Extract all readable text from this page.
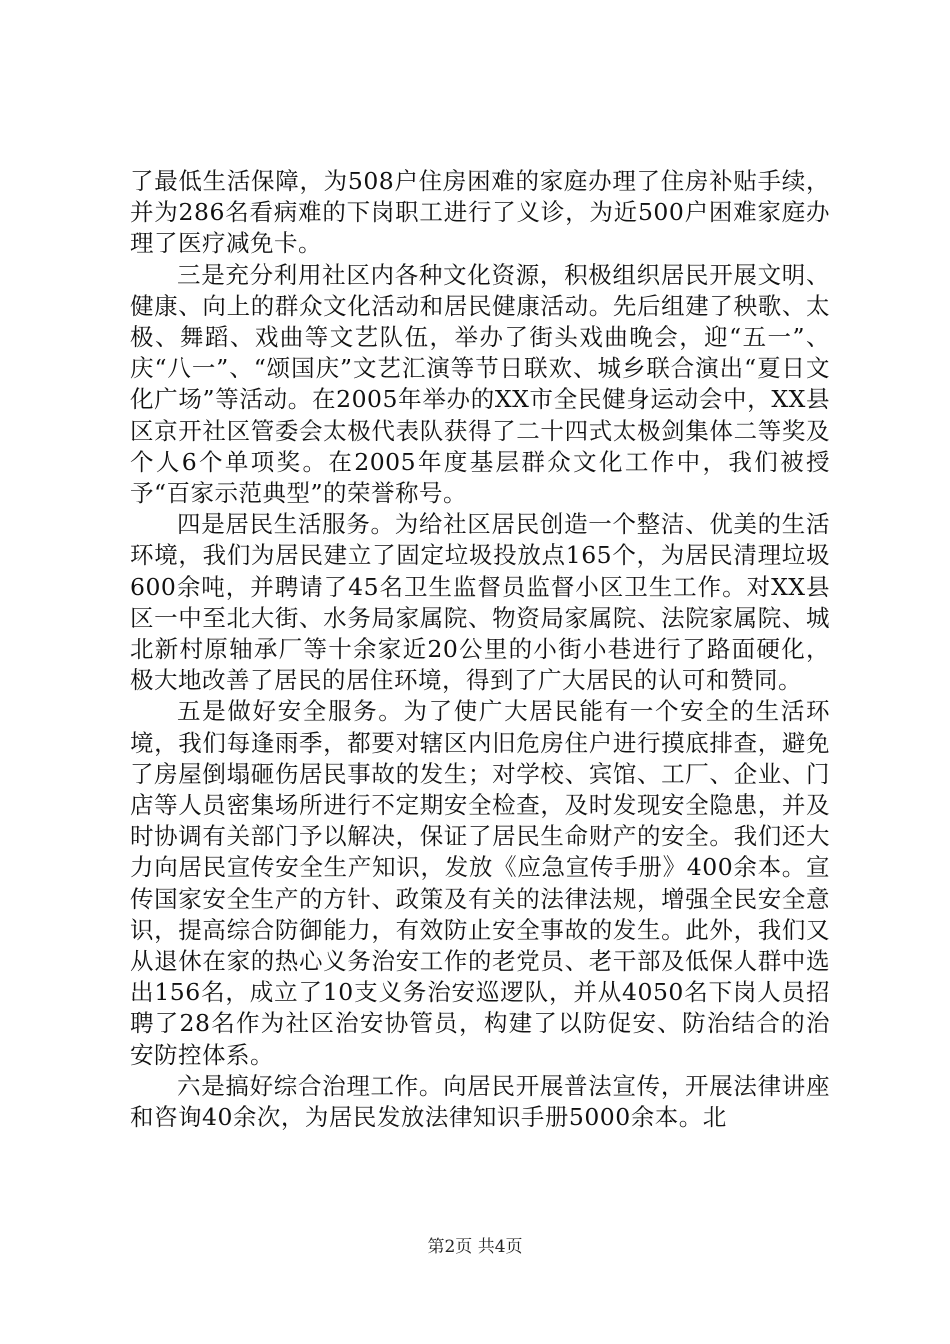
了最低生活保障，为508户住房困难的家庭办理了住房补贴手续，并为286名看病难的下岗职工进行了义诊，为近500户困难家庭办理了医疗减免卡。

三是充分利用社区内各种文化资源，积极组织居民开展文明、健康、向上的群众文化活动和居民健康活动。先后组建了秧歌、太极、舞蹈、戏曲等文艺队伍，举办了街头戏曲晚会，迎“五一”、庆“八一”、“颂国庆”文艺汇演等节日联欢、城乡联合演出“夏日文化广场”等活动。在2005年举办的XX市全民健身运动会中，XX县区京开社区管委会太极代表队获得了二十四式太极剑集体二等奖及个人6个单项奖。在2005年度基层群众文化工作中，我们被授予“百家示范典型”的荣誉称号。

四是居民生活服务。为给社区居民创造一个整洁、优美的生活环境，我们为居民建立了固定垃圾投放点165个，为居民清理垃圾600余吨，并聘请了45名卫生监督员监督小区卫生工作。对XX县区一中至北大街、水务局家属院、物资局家属院、法院家属院、城北新村原轴承厂等十余家近20公里的小街小巷进行了路面硬化，极大地改善了居民的居住环境，得到了广大居民的认可和赞同。

五是做好安全服务。为了使广大居民能有一个安全的生活环境，我们每逢雨季，都要对辖区内旧危房住户进行摸底排查，避免了房屋倒塌砸伤居民事故的发生；对学校、宾馆、工厂、企业、门店等人员密集场所进行不定期安全检查，及时发现安全隐患，并及时协调有关部门予以解决，保证了居民生命财产的安全。我们还大力向居民宣传安全生产知识，发放《应急宣传手册》400余本。宣传国家安全生产的方针、政策及有关的法律法规，增强全民安全意识，提高综合防御能力，有效防止安全事故的发生。此外，我们又从退休在家的热心义务治安工作的老党员、老干部及低保人群中选出156名，成立了10支义务治安巡逻队，并从4050名下岗人员招聘了28名作为社区治安协管员，构建了以防促安、防治结合的治安防控体系。

六是搞好综合治理工作。向居民开展普法宣传，开展法律讲座和咨询40余次，为居民发放法律知识手册5000余本。北

第2页 共4页
